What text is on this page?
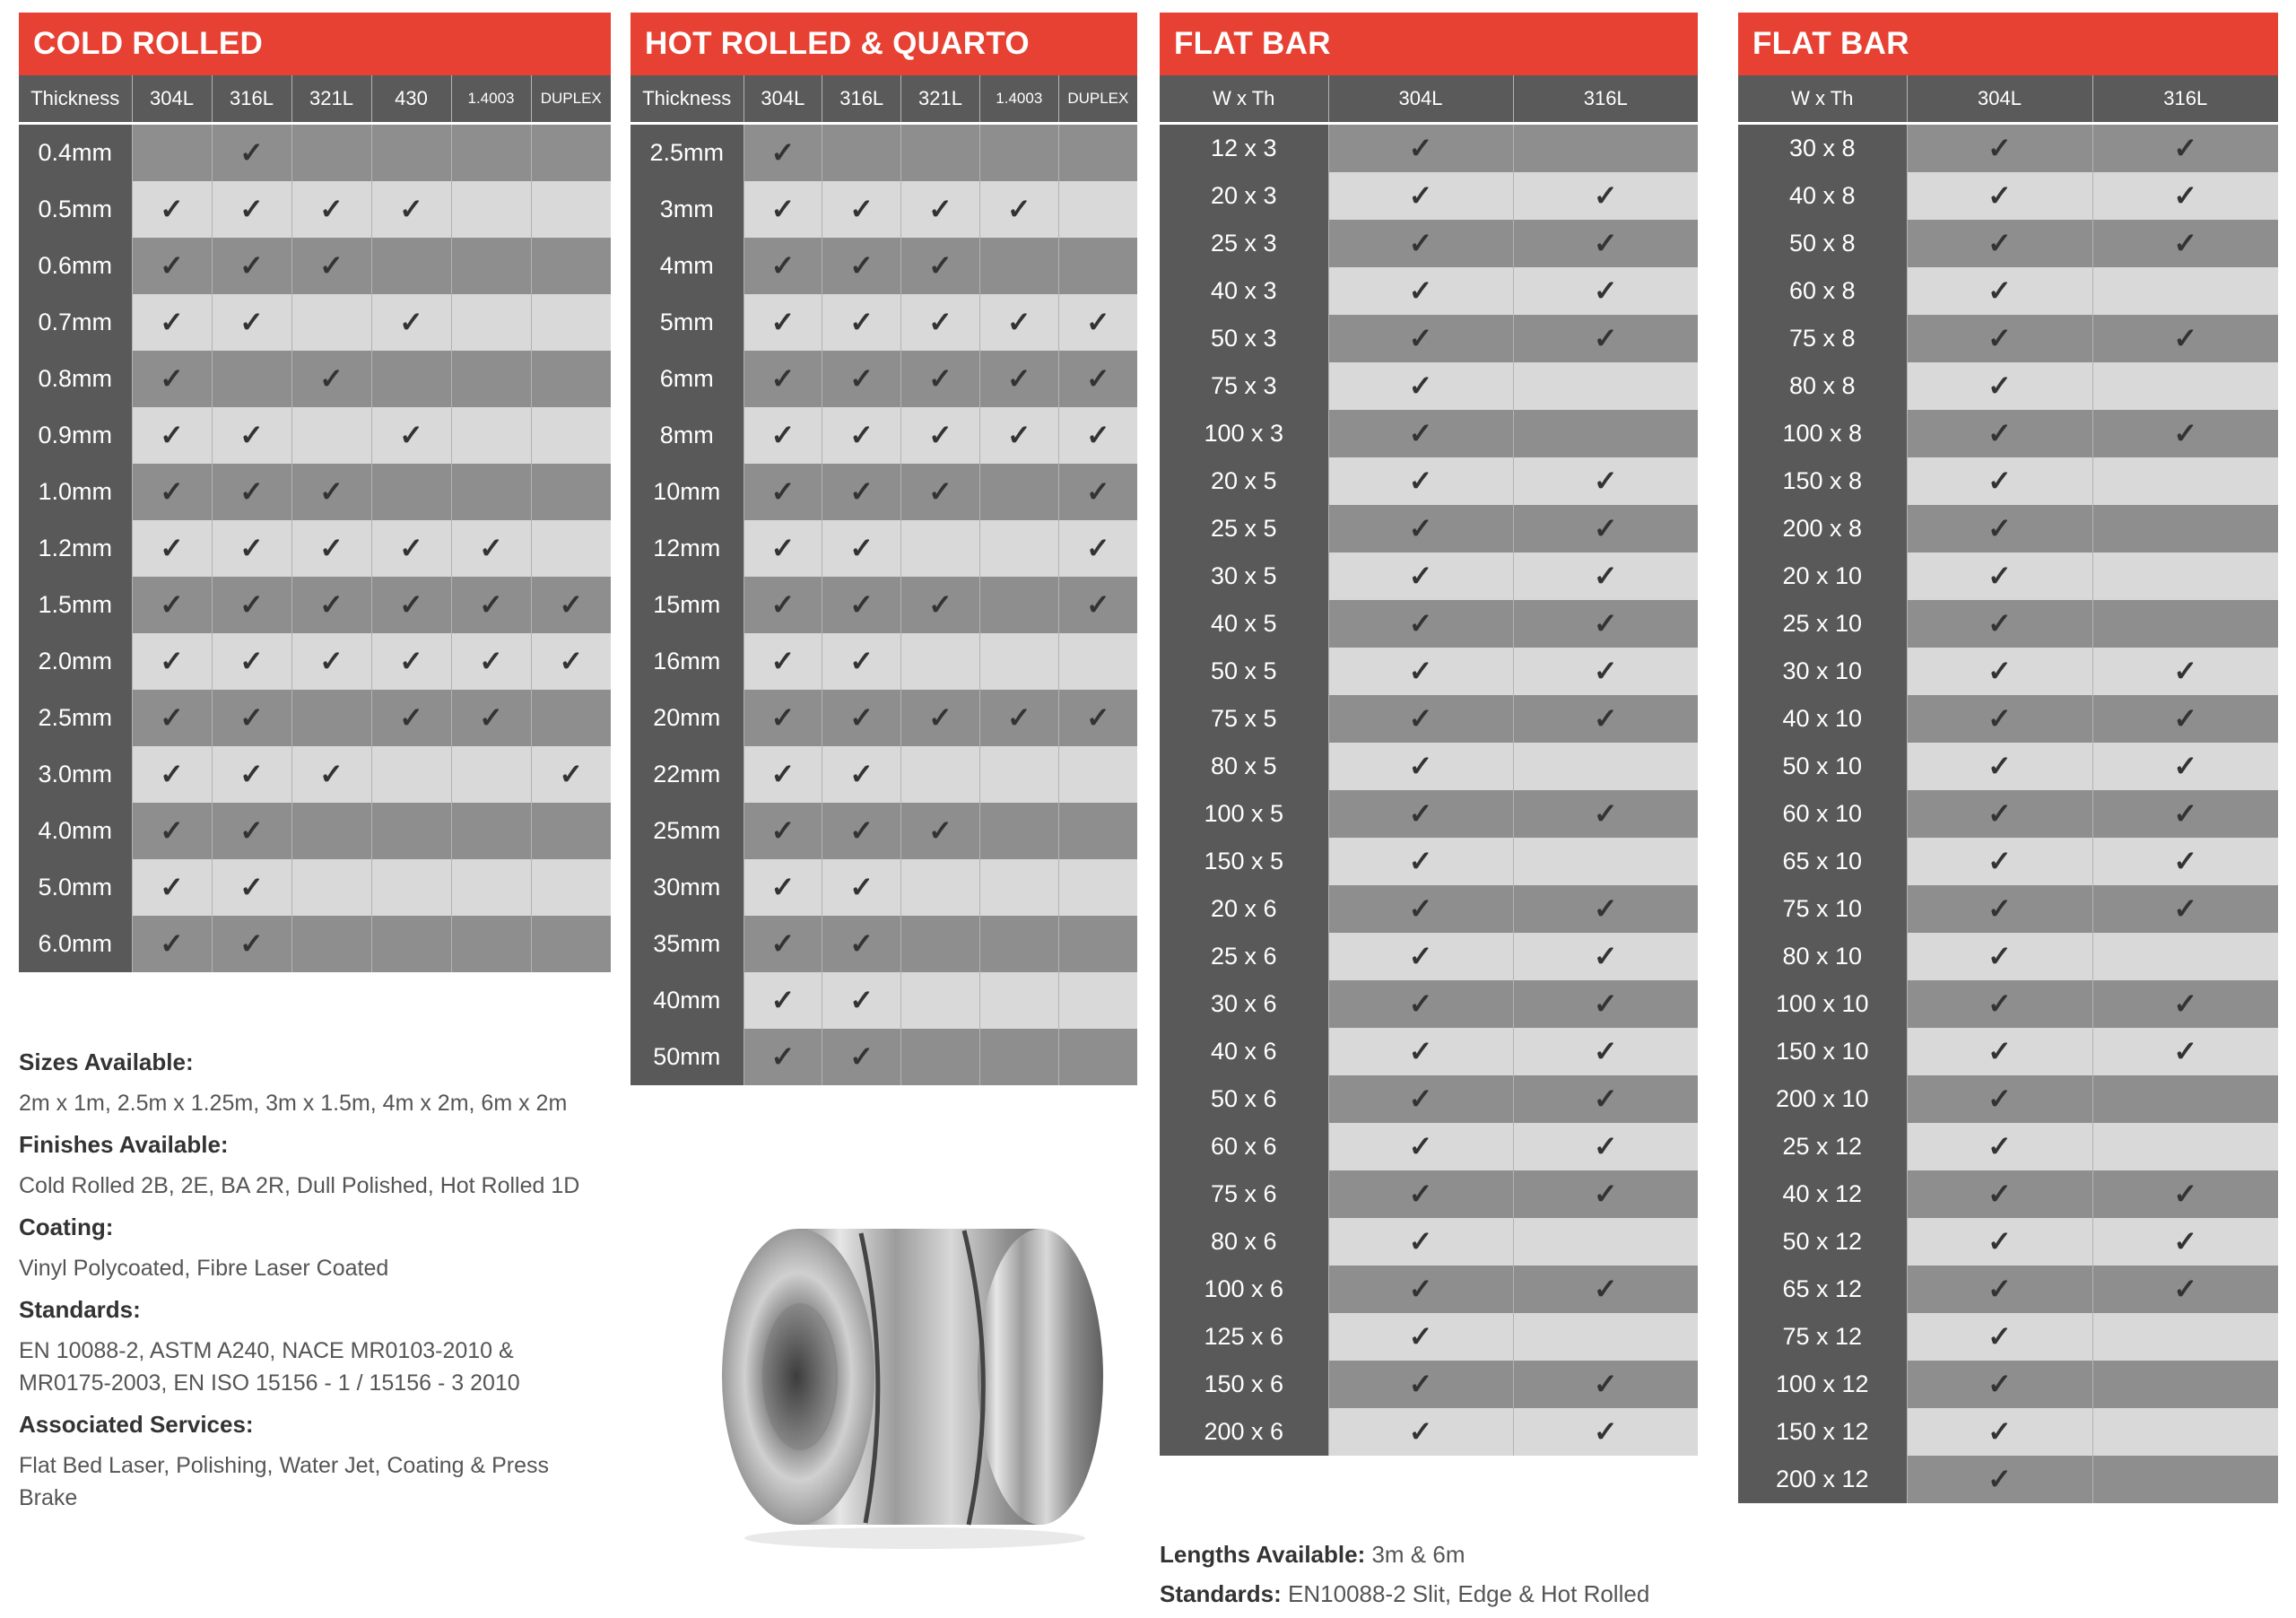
COLD ROLLED
Thickness	304L	316L	321L	430	1.4003	DUPLEX

0.4mm		✓				
0.5mm	✓	✓	✓	✓		
0.6mm	✓	✓	✓			
0.7mm	✓	✓		✓		
0.8mm	✓		✓			
0.9mm	✓	✓		✓		
1.0mm	✓	✓	✓			
1.2mm	✓	✓	✓	✓	✓	
1.5mm	✓	✓	✓	✓	✓	✓
2.0mm	✓	✓	✓	✓	✓	✓
2.5mm	✓	✓		✓	✓	
3.0mm	✓	✓	✓			✓
4.0mm	✓	✓				
5.0mm	✓	✓				
6.0mm	✓	✓				
HOT ROLLED & QUARTO
Thickness	304L	316L	321L	1.4003	DUPLEX

2.5mm	✓				
3mm	✓	✓	✓	✓	
4mm	✓	✓	✓		
5mm	✓	✓	✓	✓	✓
6mm	✓	✓	✓	✓	✓
8mm	✓	✓	✓	✓	✓
10mm	✓	✓	✓		✓
12mm	✓	✓			✓
15mm	✓	✓	✓		✓
16mm	✓	✓			
20mm	✓	✓	✓	✓	✓
22mm	✓	✓			
25mm	✓	✓	✓		
30mm	✓	✓			
35mm	✓	✓			
40mm	✓	✓			
50mm	✓	✓			
FLAT BAR
W x Th	304L	316L

12 x 3	✓	
20 x 3	✓	✓
25 x 3	✓	✓
40 x 3	✓	✓
50 x 3	✓	✓
75 x 3	✓	
100 x 3	✓	
20 x 5	✓	✓
25 x 5	✓	✓
30 x 5	✓	✓
40 x 5	✓	✓
50 x 5	✓	✓
75 x 5	✓	✓
80 x 5	✓	
100 x 5	✓	✓
150 x 5	✓	
20 x 6	✓	✓
25 x 6	✓	✓
30 x 6	✓	✓
40 x 6	✓	✓
50 x 6	✓	✓
60 x 6	✓	✓
75 x 6	✓	✓
80 x 6	✓	
100 x 6	✓	✓
125 x 6	✓	
150 x 6	✓	✓
200 x 6	✓	✓
FLAT BAR
W x Th	304L	316L

30 x 8	✓	✓
40 x 8	✓	✓
50 x 8	✓	✓
60 x 8	✓	
75 x 8	✓	✓
80 x 8	✓	
100 x 8	✓	✓
150 x 8	✓	
200 x 8	✓	
20 x 10	✓	
25 x 10	✓	
30 x 10	✓	✓
40 x 10	✓	✓
50 x 10	✓	✓
60 x 10	✓	✓
65 x 10	✓	✓
75 x 10	✓	✓
80 x 10	✓	
100 x 10	✓	✓
150 x 10	✓	✓
200 x 10	✓	
25 x 12	✓	
40 x 12	✓	✓
50 x 12	✓	✓
65 x 12	✓	✓
75 x 12	✓	
100 x 12	✓	
150 x 12	✓	
200 x 12	✓	
Sizes Available:
2m x 1m, 2.5m x 1.25m, 3m x 1.5m, 4m x 2m, 6m x 2m
Finishes Available:
Cold Rolled 2B, 2E, BA 2R, Dull Polished, Hot Rolled 1D
Coating:
Vinyl Polycoated, Fibre Laser Coated
Standards:
EN 10088-2, ASTM A240, NACE MR0103-2010 & MR0175-2003, EN ISO 15156 - 1 / 15156 - 3 2010
Associated Services:
Flat Bed Laser, Polishing, Water Jet, Coating & Press Brake
Lengths Available: 3m & 6m
Standards: EN10088-2 Slit, Edge & Hot Rolled
